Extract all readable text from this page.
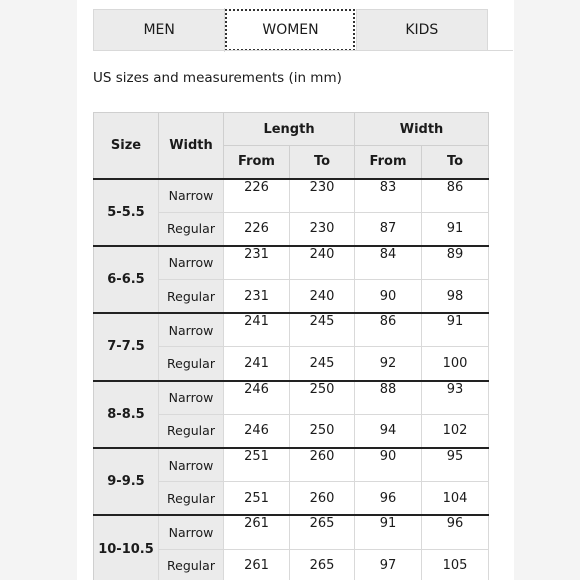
MEN	WOMEN	KIDS
US sizes and measurements (in mm)
Size	Width	Length		Width	
		From	To	From	To
5-5.5	Narrow	226	230	83	86
	Regular	226	230	87	91
6-6.5	Narrow	231	240	84	89
	Regular	231	240	90	98
7-7.5	Narrow	241	245	86	91
	Regular	241	245	92	100
8-8.5	Narrow	246	250	88	93
	Regular	246	250	94	102
9-9.5	Narrow	251	260	90	95
	Regular	251	260	96	104
10-10.5	Narrow	261	265	91	96
	Regular	261	265	97	105
